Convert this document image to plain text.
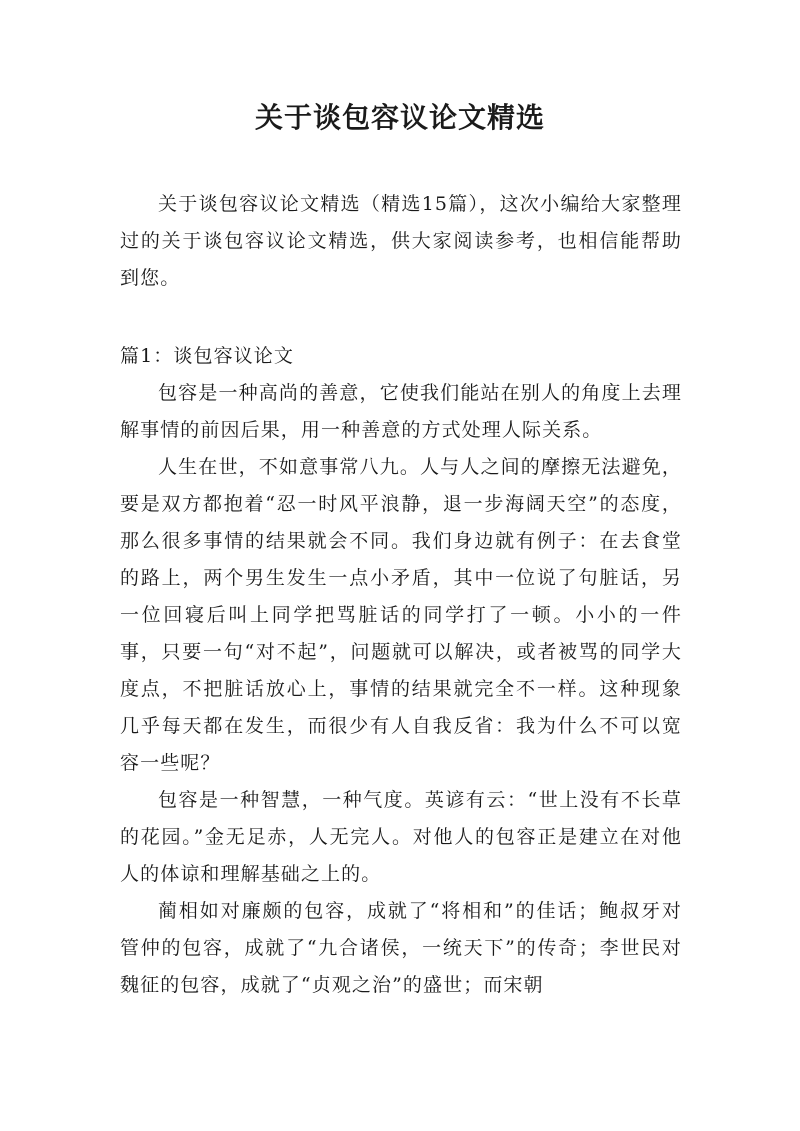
关于谈包容议论文精选

关于谈包容议论文精选（精选15篇），这次小编给大家整理过的关于谈包容议论文精选，供大家阅读参考，也相信能帮助到您。

篇1：谈包容议论文

包容是一种高尚的善意，它使我们能站在别人的角度上去理解事情的前因后果，用一种善意的方式处理人际关系。

人生在世，不如意事常八九。人与人之间的摩擦无法避免，要是双方都抱着“忍一时风平浪静，退一步海阔天空”的态度，那么很多事情的结果就会不同。我们身边就有例子：在去食堂的路上，两个男生发生一点小矛盾，其中一位说了句脏话，另一位回寝后叫上同学把骂脏话的同学打了一顿。小小的一件事，只要一句“对不起”，问题就可以解决，或者被骂的同学大度点，不把脏话放心上，事情的结果就完全不一样。这种现象几乎每天都在发生，而很少有人自我反省：我为什么不可以宽容一些呢？

包容是一种智慧，一种气度。英谚有云：“世上没有不长草的花园。”金无足赤，人无完人。对他人的包容正是建立在对他人的体谅和理解基础之上的。

蔺相如对廉颇的包容，成就了“将相和”的佳话；鲍叔牙对管仲的包容，成就了“九合诸侯，一统天下”的传奇；李世民对魏征的包容，成就了“贞观之治”的盛世；而宋朝
